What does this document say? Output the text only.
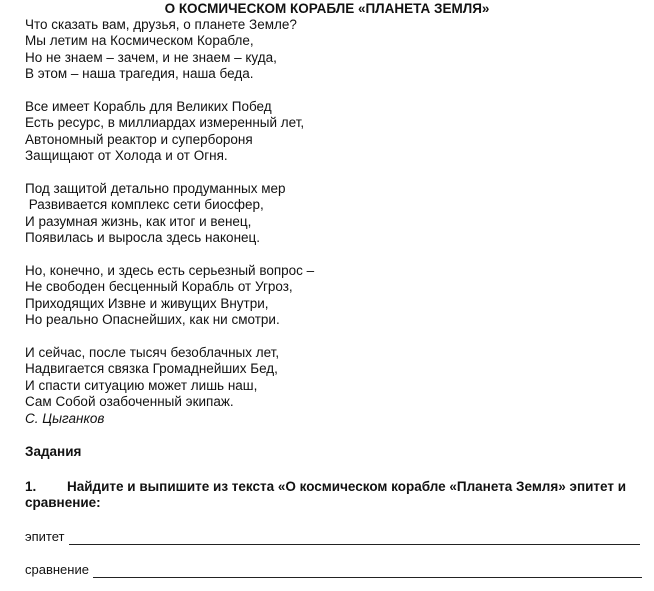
О КОСМИЧЕСКОМ КОРАБЛЕ «ПЛАНЕТА ЗЕМЛЯ»
Что сказать вам, друзья, о планете Земле?
Мы летим на Космическом Корабле,
Но не знаем – зачем, и не знаем – куда,
В этом – наша трагедия, наша беда.
Все имеет Корабль для Великих Побед
Есть ресурс, в миллиардах измеренный лет,
Автономный реактор и супербороня
Защищают от Холода и от Огня.
Под защитой детально продуманных мер
Развивается комплекс сети биосфер,
И разумная жизнь, как итог и венец,
Появилась и выросла здесь наконец.
Но, конечно, и здесь есть серьезный вопрос –
Не свободен бесценный Корабль от Угроз,
Приходящих Извне и живущих Внутри,
Но реально Опаснейших, как ни смотри.
И сейчас, после тысяч безоблачных лет,
Надвигается связка Громаднейших Бед,
И спасти ситуацию может лишь наш,
Сам Собой озабоченный экипаж.
С. Цыганков
Задания
1. Найдите и выпишите из текста «О космическом корабле «Планета Земля» эпитет и сравнение:
эпитет
сравнение
